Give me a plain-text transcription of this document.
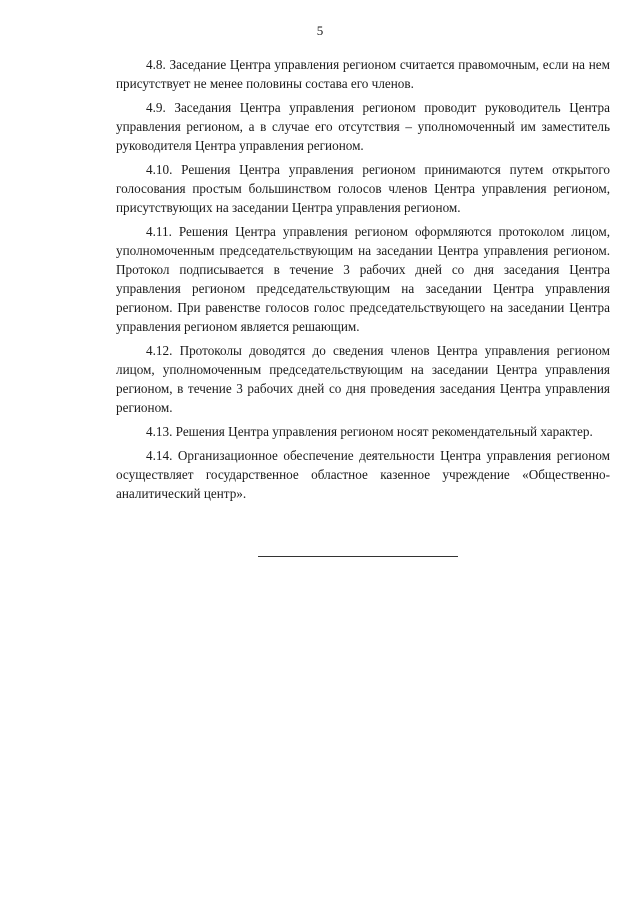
5

4.8. Заседание Центра управления регионом считается правомочным, если на нем присутствует не менее половины состава его членов.

4.9. Заседания Центра управления регионом проводит руководитель Центра управления регионом, а в случае его отсутствия – уполномоченный им заместитель руководителя Центра управления регионом.

4.10. Решения Центра управления регионом принимаются путем открытого голосования простым большинством голосов членов Центра управления регионом, присутствующих на заседании Центра управления регионом.

4.11. Решения Центра управления регионом оформляются протоколом лицом, уполномоченным председательствующим на заседании Центра управления регионом. Протокол подписывается в течение 3 рабочих дней со дня заседания Центра управления регионом председательствующим на заседании Центра управления регионом. При равенстве голосов голос председательствующего на заседании Центра управления регионом является решающим.

4.12. Протоколы доводятся до сведения членов Центра управления регионом лицом, уполномоченным председательствующим на заседании Центра управления регионом, в течение 3 рабочих дней со дня проведения заседания Центра управления регионом.

4.13. Решения Центра управления регионом носят рекомендательный характер.

4.14. Организационное обеспечение деятельности Центра управления регионом осуществляет государственное областное казенное учреждение «Общественно-аналитический центр».
